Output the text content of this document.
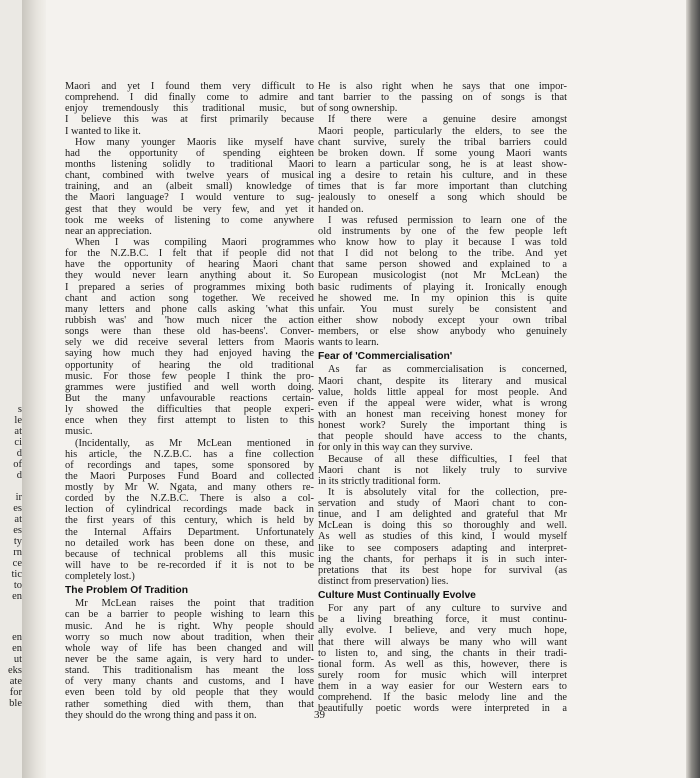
s
le
at
ci
d
of
d
ir
es
at
es
ty
rn
ce
tic
to
en
en
en
ut
eks
ate
for
ble
Maori and yet I found them very difficult to
comprehend. I did finally come to admire and
enjoy tremendously this traditional music, but
I believe this was at first primarily because
I wanted to like it.
How many younger Maoris like myself have
had the opportunity of spending eighteen
months listening solidly to traditional Maori
chant, combined with twelve years of musical
training, and an (albeit small) knowledge of
the Maori language? I would venture to sug-
gest that they would be very few, and yet it
took me weeks of listening to come anywhere
near an appreciation.
When I was compiling Maori programmes
for the N.Z.B.C. I felt that if people did not
have the opportunity of hearing Maori chant
they would never learn anything about it. So
I prepared a series of programmes mixing both
chant and action song together. We received
many letters and phone calls asking 'what this
rubbish was' and 'how much nicer the action
songs were than these old has-beens'. Conver-
sely we did receive several letters from Maoris
saying how much they had enjoyed having the
opportunity of hearing the old traditional
music. For those few people I think the pro-
grammes were justified and well worth doing.
But the many unfavourable reactions certain-
ly showed the difficulties that people experi-
ence when they first attempt to listen to this
music.
(Incidentally, as Mr McLean mentioned in
his article, the N.Z.B.C. has a fine collection
of recordings and tapes, some sponsored by
the Maori Purposes Fund Board and collected
mostly by Mr W. Ngata, and many others re-
corded by the N.Z.B.C. There is also a col-
lection of cylindrical recordings made back in
the first years of this century, which is held by
the Internal Affairs Department. Unfortunately
no detailed work has been done on these, and
because of technical problems all this music
will have to be re-recorded if it is not to be
completely lost.)
The Problem Of Tradition
Mr McLean raises the point that tradition
can be a barrier to people wishing to learn this
music. And he is right. Why people should
worry so much now about tradition, when their
whole way of life has been changed and will
never be the same again, is very hard to under-
stand. This traditionalism has meant the loss
of very many chants and customs, and I have
even been told by old people that they would
rather something died with them, than that
they should do the wrong thing and pass it on.
He is also right when he says that one impor-
tant barrier to the passing on of songs is that
of song ownership.
If there were a genuine desire amongst
Maori people, particularly the elders, to see the
chant survive, surely the tribal barriers could
be broken down. If some young Maori wants
to learn a particular song, he is at least show-
ing a desire to retain his culture, and in these
times that is far more important than clutching
jealously to oneself a song which should be
handed on.
I was refused permission to learn one of the
old instruments by one of the few people left
who know how to play it because I was told
that I did not belong to the tribe. And yet
that same person showed and explained to a
European musicologist (not Mr McLean) the
basic rudiments of playing it. Ironically enough
he showed me. In my opinion this is quite
unfair. You must surely be consistent and
either show nobody except your own tribal
members, or else show anybody who genuinely
wants to learn.
Fear of 'Commercialisation'
As far as commercialisation is concerned,
Maori chant, despite its literary and musical
value, holds little appeal for most people. And
even if the appeal were wider, what is wrong
with an honest man receiving honest money for
honest work? Surely the important thing is
that people should have access to the chants,
for only in this way can they survive.
Because of all these difficulties, I feel that
Maori chant is not likely truly to survive
in its strictly traditional form.
It is absolutely vital for the collection, pre-
servation and study of Maori chant to con-
tinue, and I am delighted and grateful that Mr
McLean is doing this so thoroughly and well.
As well as studies of this kind, I would myself
like to see composers adapting and interpret-
ing the chants, for perhaps it is in such inter-
pretations that its best hope for survival (as
distinct from preservation) lies.
Culture Must Continually Evolve
For any part of any culture to survive and
be a living breathing force, it must continu-
ally evolve. I believe, and very much hope,
that there will always be many who will want
to listen to, and sing, the chants in their tradi-
tional form. As well as this, however, there is
surely room for music which will interpret
them in a way easier for our Western ears to
comprehend. If the basic melody line and the
beautifully poetic words were interpreted in a
39
